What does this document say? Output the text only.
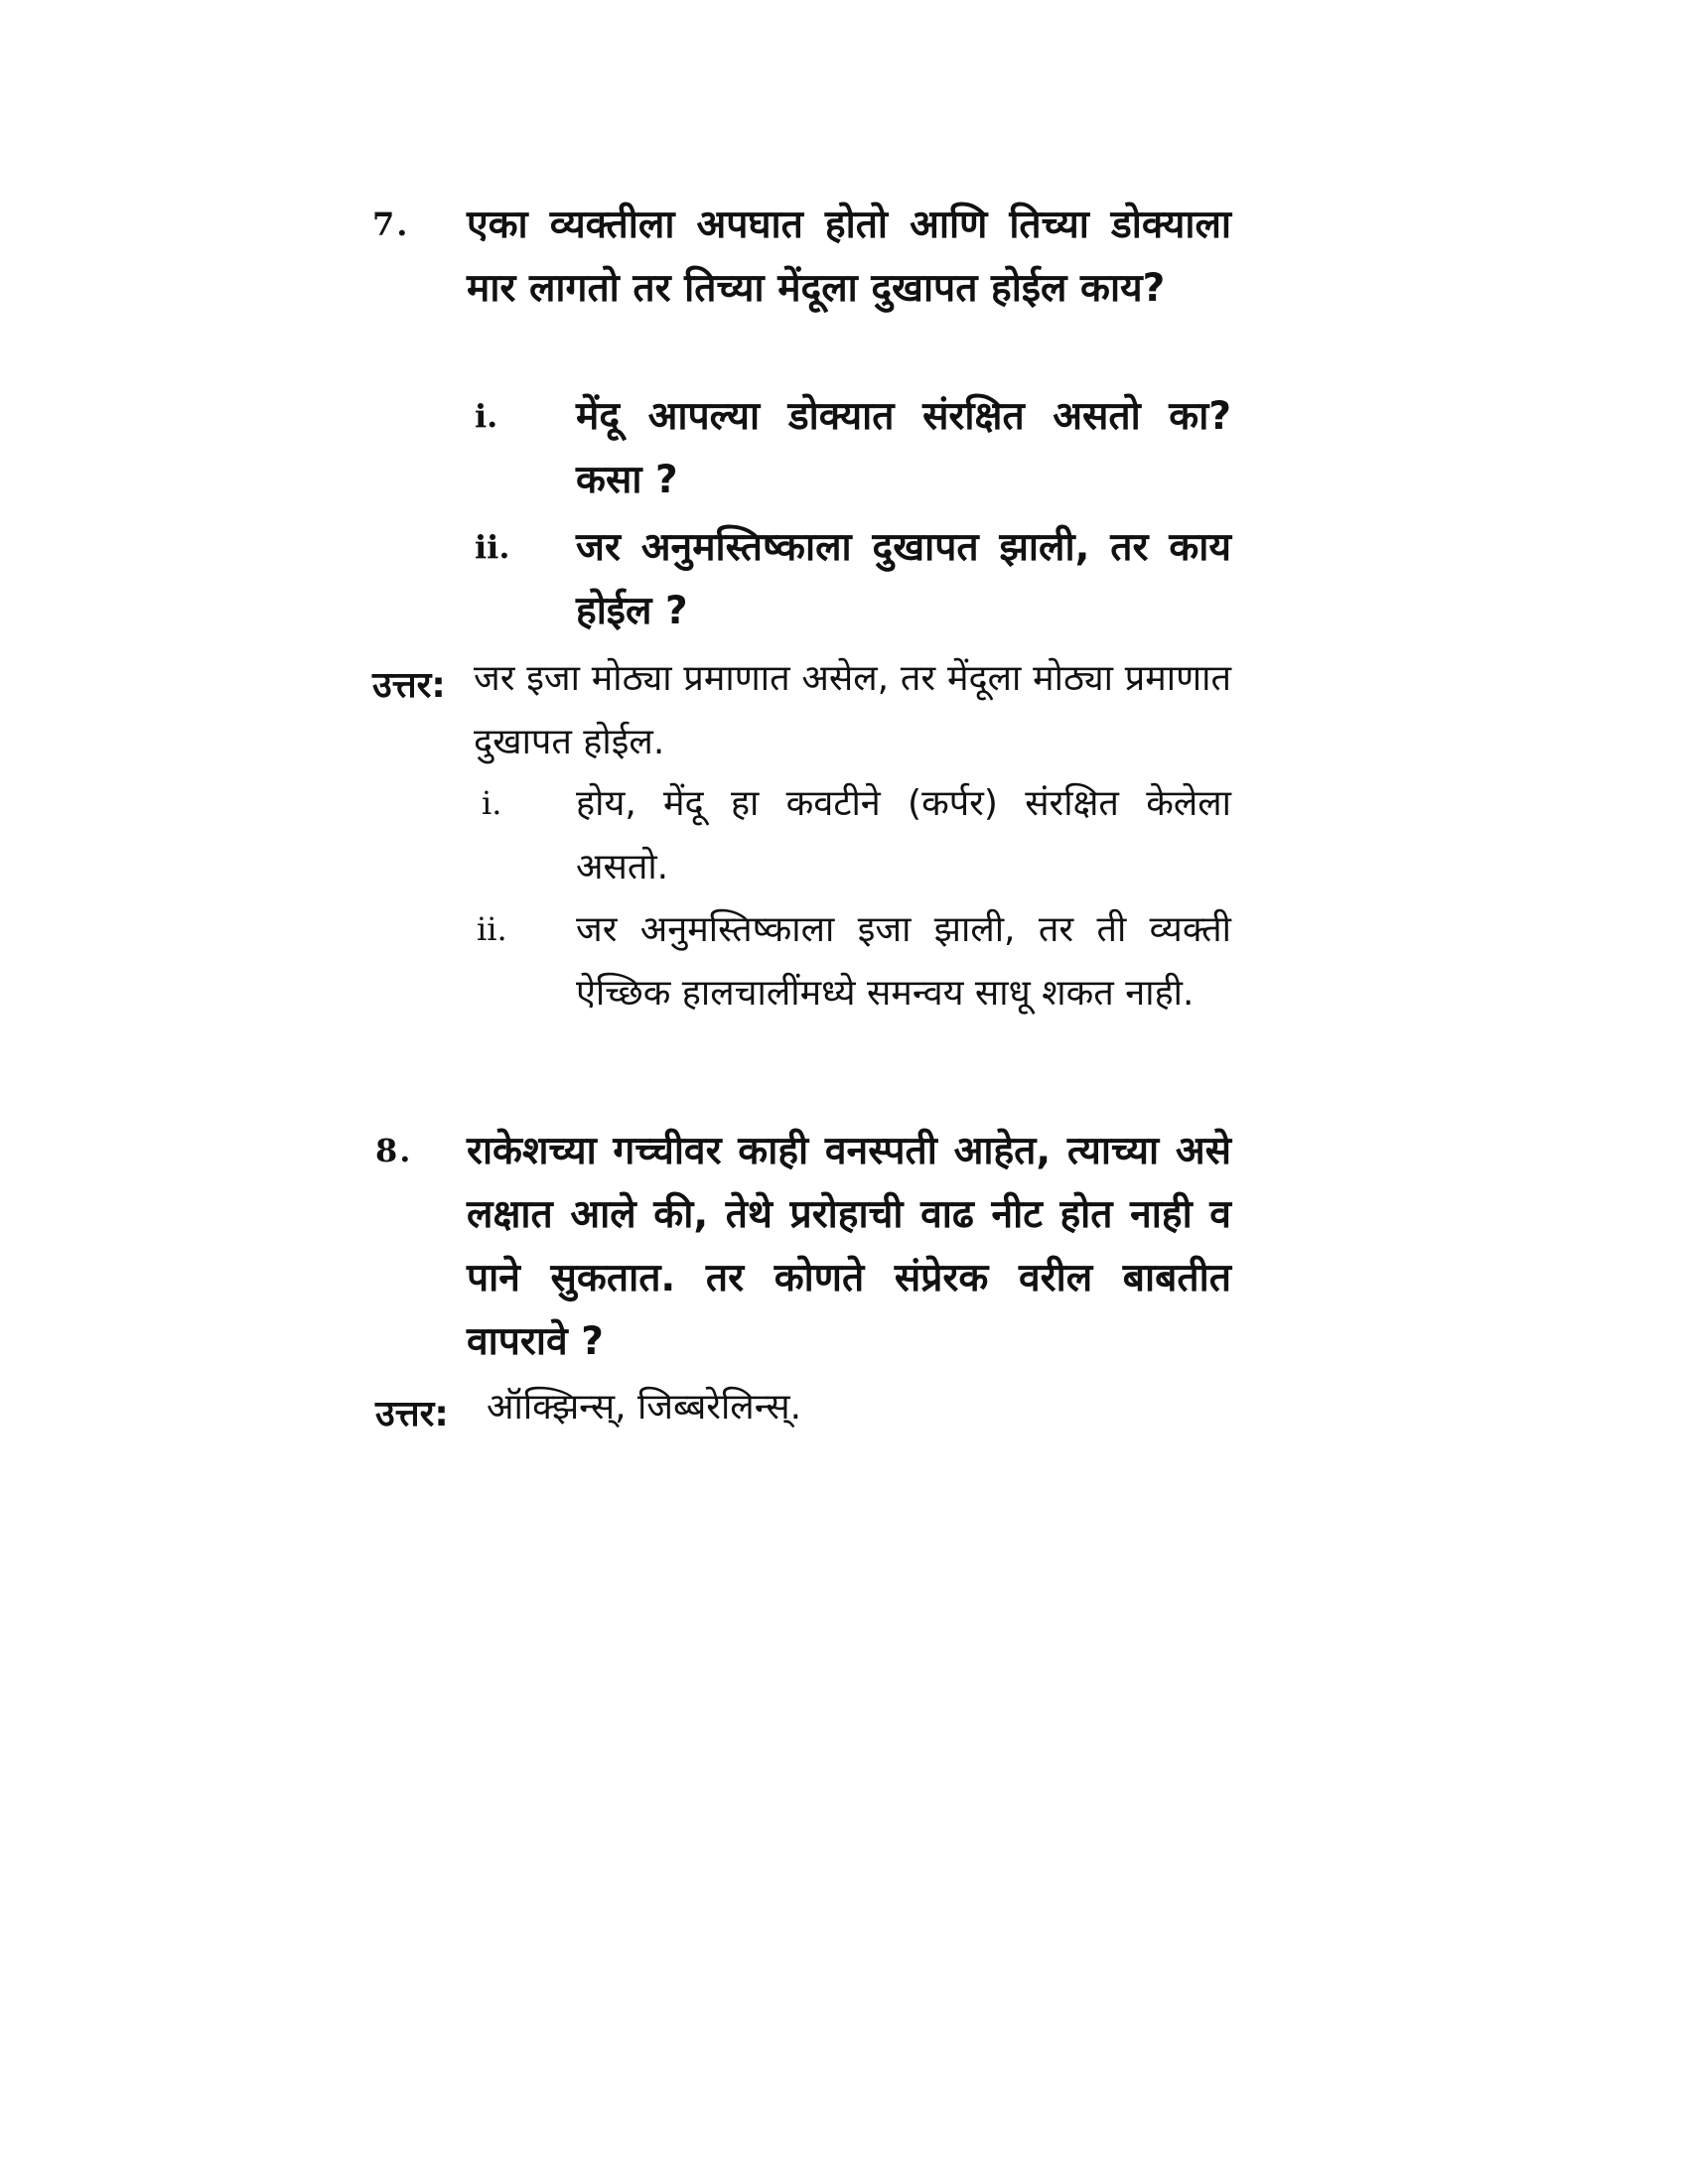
7. एका व्यक्तीला अपघात होतो आणि तिच्या डोक्याला मार लागतो तर तिच्या मेंदूला दुखापत होईल काय?
i. मेंदू आपल्या डोक्यात संरक्षित असतो का? कसा ?
ii. जर अनुमस्तिष्काला दुखापत झाली, तर काय होईल ?
उत्तर: जर इजा मोठ्या प्रमाणात असेल, तर मेंदूला मोठ्या प्रमाणात दुखापत होईल.
i. होय, मेंदू हा कवटीने (कर्पर) संरक्षित केलेला असतो.
ii. जर अनुमस्तिष्काला इजा झाली, तर ती व्यक्ती ऐच्छिक हालचालींमध्ये समन्वय साधू शकत नाही.
8. राकेशच्या गच्चीवर काही वनस्पती आहेत, त्याच्या असे लक्षात आले की, तेथे प्ररोहाची वाढ नीट होत नाही व पाने सुकतात. तर कोणते संप्रेरक वरील बाबतीत वापरावे ?
उत्तर: ऑक्झिन्स्, जिब्बरेलिन्स्.
